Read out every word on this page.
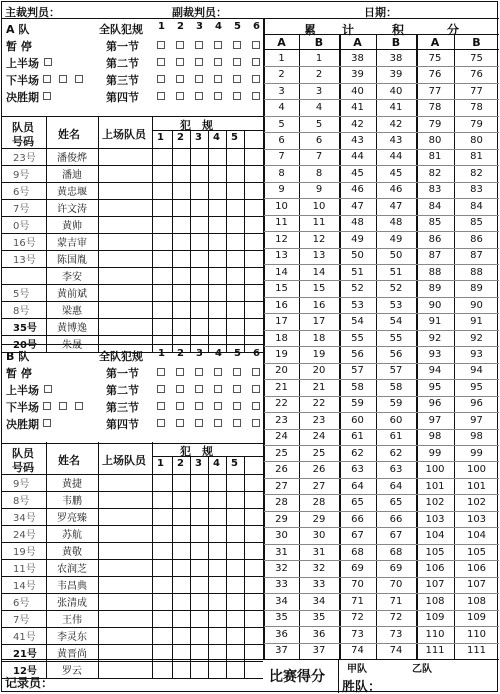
主裁判员：	副裁判员：	日期：
A 队	全队犯规 1 2 3 4 5 6
暂 停	第一节
上半场	第二节
下半场	第三节
决胜期	第四节
队员
号码
姓名 上场队员
犯　规
1 2 3 4 5
23号	潘俊烨
9号	潘迪
6号	黄忠堰
7号	许文涛
0号	黄帅
16号	蒙吉审
13号	陈国胤
李安
5号	黄前斌
8号	梁惠
35号	黄博逸
20号	朱晟
B 队	全队犯规 1 2 3 4 5 6
暂 停	第一节
上半场	第二节
下半场	第三节
决胜期	第四节
队员
号码
姓名 上场队员
犯　规
1 2 3 4 5
9号	黄捷
8号	韦鹏
34号	罗亮臻
24号	苏航
19号	黄敬
11号	农润芝
14号	韦昌典
6号	张清成
7号	王伟
41号	李灵东
21号	黄晋尚
12号	罗云
累 计	积	分
A	B	A	B	A	B
1	1	38	38	75	75
2	2	39	39	76	76
3	3	40	40	77	77
4	4	41	41	78	78
5	5	42	42	79	79
6	6	43	43	80	80
7	7	44	44	81	81
8	8	45	45	82	82
9	9	46	46	83	83
10	10	47	47	84	84
11	11	48	48	85	85
12	12	49	49	86	86
13	13	50	50	87	87
14	14	51	51	88	88
15	15	52	52	89	89
16	16	53	53	90	90
17	17	54	54	91	91
18	18	55	55	92	92
19	19	56	56	93	93
20	20	57	57	94	94
21	21	58	58	95	95
22	22	59	59	96	96
23	23	60	60	97	97
24	24	61	61	98	98
25	25	62	62	99	99
26	26	63	63	100	100
27	27	64	64	101	101
28	28	65	65	102	102
29	29	66	66	103	103
30	30	67	67	104	104
31	31	68	68	105	105
32	32	69	69	106	106
33	33	70	70	107	107
34	34	71	71	108	108
35	35	72	72	109	109
36	36	73	73	110	110
37	37	74	74	111	111
记录员：	比赛得分 甲队	乙队
胜队：
